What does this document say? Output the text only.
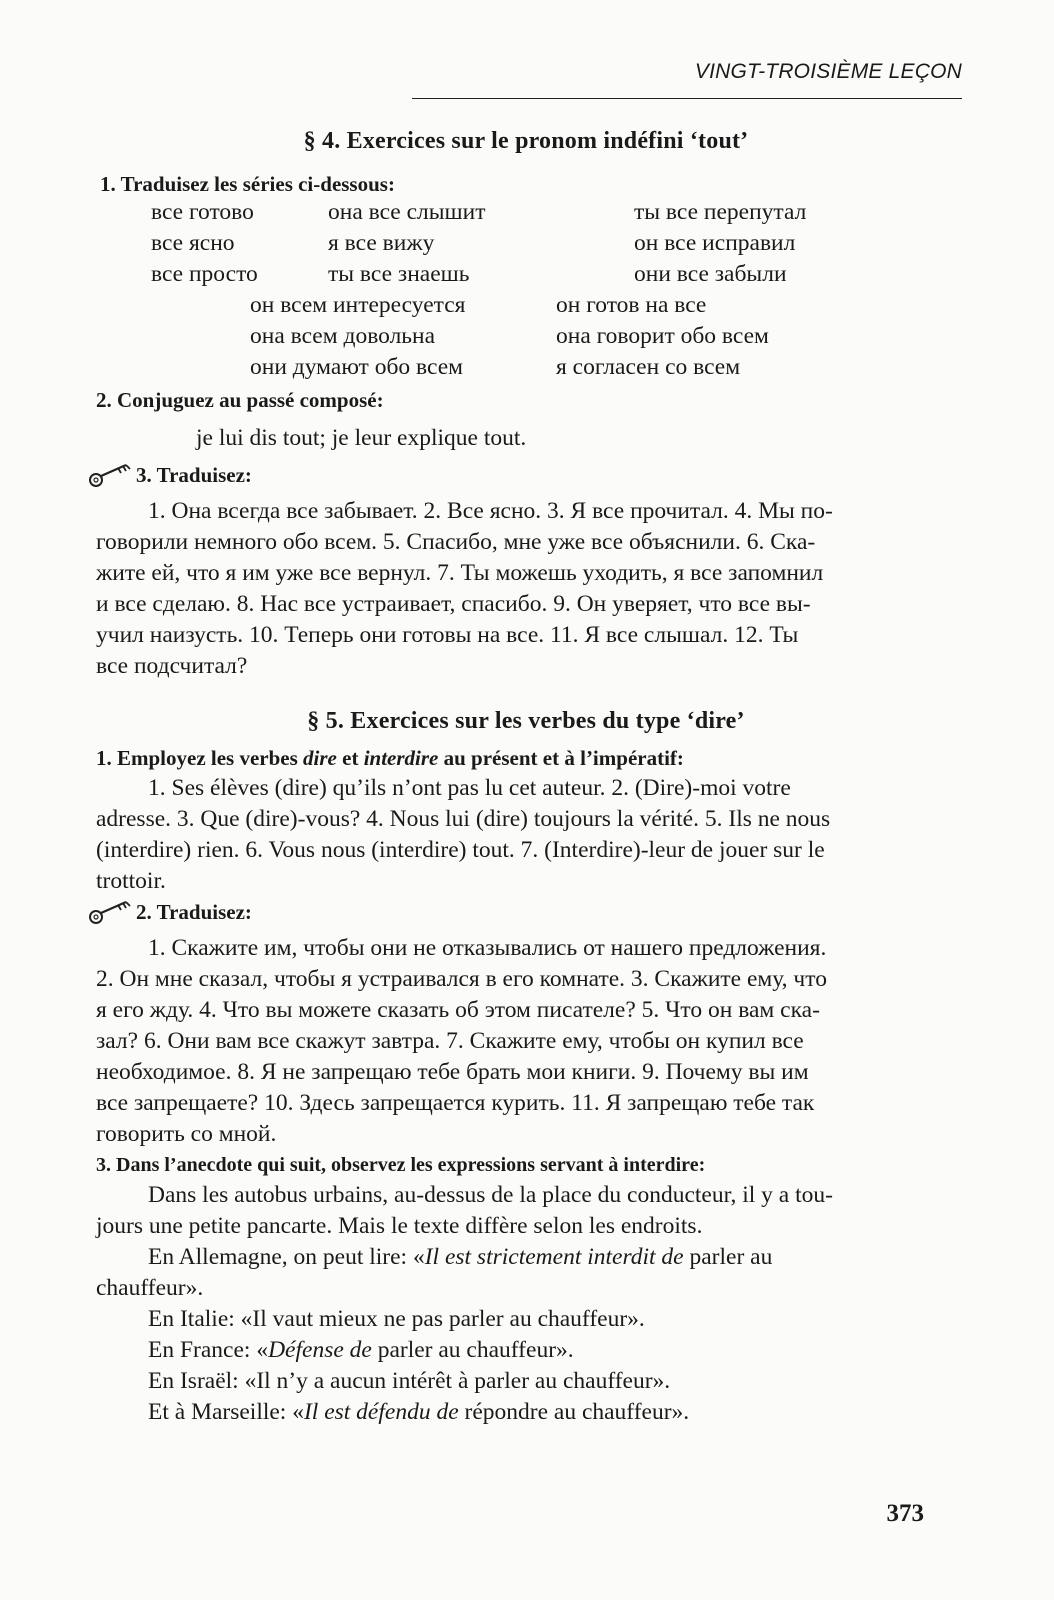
VINGT-TROISIÈME LEÇON
§ 4. Exercices sur le pronom indéfini ‘tout’

1. Traduisez les séries ci-dessous:

все готово	она все слышит	ты все перепутал
все ясно	я все вижу	он все исправил
все просто	ты все знаешь	они все забыли
он всем интересуется	он готов на все
она всем довольна	она говорит обо всем
они думают обо всем	я согласен со всем

2. Conjuguez au passé composé:

je lui dis tout; je leur explique tout.

3. Traduisez:

1. Она всегда все забывает. 2. Все ясно. 3. Я все прочитал. 4. Мы по-

говорили немного обо всем. 5. Спасибо, мне уже все объяснили. 6. Ска-

жите ей, что я им уже все вернул. 7. Ты можешь уходить, я все запомнил

и все сделаю. 8. Нас все устраивает, спасибо. 9. Он уверяет, что все вы-

учил наизусть. 10. Теперь они готовы на все. 11. Я все слышал. 12. Ты

все подсчитал?

§ 5. Exercices sur les verbes du type ‘dire’

1. Employez les verbes dire et interdire au présent et à l’impératif:

1. Ses élèves (dire) qu’ils n’ont pas lu cet auteur. 2. (Dire)-moi votre

adresse. 3. Que (dire)-vous? 4. Nous lui (dire) toujours la vérité. 5. Ils ne nous

(interdire) rien. 6. Vous nous (interdire) tout. 7. (Interdire)-leur de jouer sur le

trottoir.

2. Traduisez:

1. Скажите им, чтобы они не отказывались от нашего предложения.

2. Он мне сказал, чтобы я устраивался в его комнате. 3. Скажите ему, что

я его жду. 4. Что вы можете сказать об этом писателе? 5. Что он вам ска-

зал? 6. Они вам все скажут завтра. 7. Скажите ему, чтобы он купил все

необходимое. 8. Я не запрещаю тебе брать мои книги. 9. Почему вы им

все запрещаете? 10. Здесь запрещается курить. 11. Я запрещаю тебе так

говорить со мной.

3. Dans l’anecdote qui suit, observez les expressions servant à interdire:

Dans les autobus urbains, au-dessus de la place du conducteur, il y a tou-

jours une petite pancarte. Mais le texte diffère selon les endroits.

En Allemagne, on peut lire: «Il est strictement interdit de parler au

chauffeur».

En Italie: «Il vaut mieux ne pas parler au chauffeur».

En France: «Défense de parler au chauffeur».

En Israël: «Il n’y a aucun intérêt à parler au chauffeur».

Et à Marseille: «Il est défendu de répondre au chauffeur».

373
